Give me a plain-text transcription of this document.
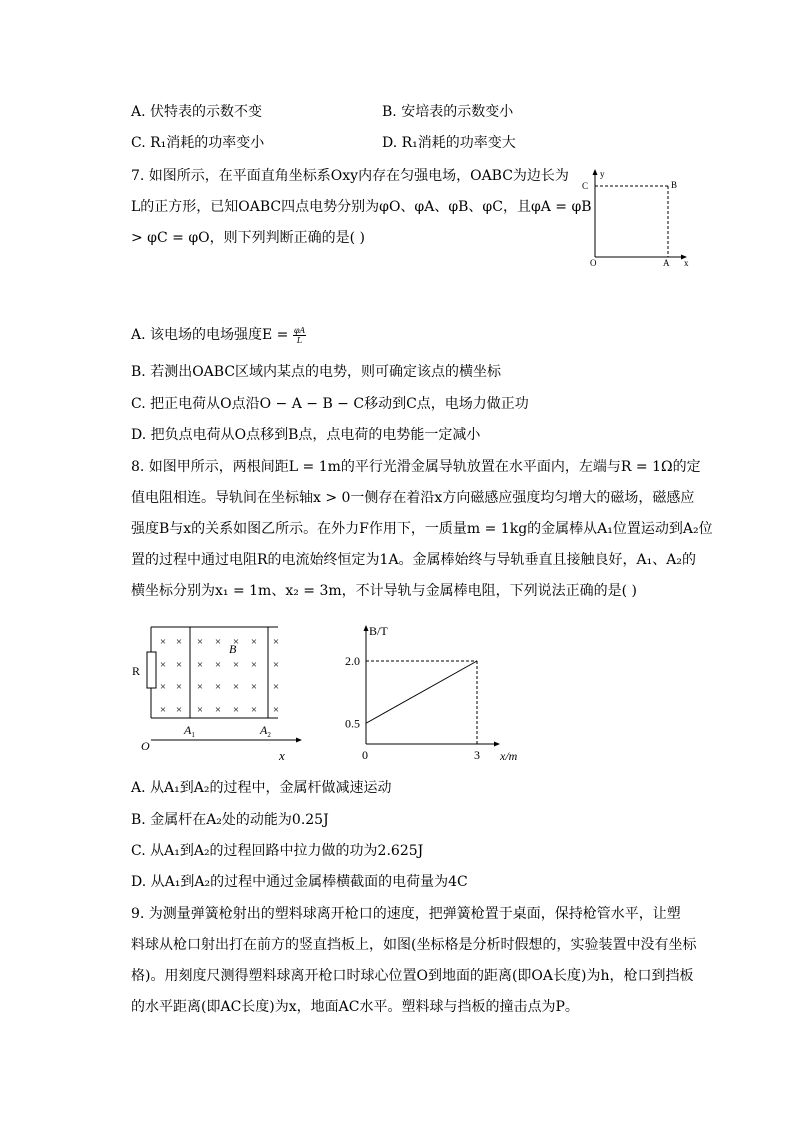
A. 伏特表的示数不变	B. 安培表的示数变小
C. R₁消耗的功率变小	D. R₁消耗的功率变大
7. 如图所示，在平面直角坐标系Oxy内存在匀强电场，OABC为边长为
L的正方形，已知OABC四点电势分别为φO、φA、φB、φC，且φA = φB
> φC = φO，则下列判断正确的是( )
y
C	B
O	A x
A. 该电场的电场强度$E = \frac{\varphi A}{L}$
B. 若测出OABC区域内某点的电势，则可确定该点的横坐标
C. 把正电荷从O点沿O − A − B − C移动到C点，电场力做正功
D. 把负点电荷从O点移到B点，点电荷的电势能一定减小
8. 如图甲所示，两根间距L = 1m的平行光滑金属导轨放置在水平面内，左端与R = 1Ω的定
值电阻相连。导轨间在坐标轴x > 0一侧存在着沿x方向磁感应强度均匀增大的磁场，磁感应
强度B与x的关系如图乙所示。在外力F作用下，一质量m = 1kg的金属棒从A₁位置运动到A₂位
置的过程中通过电阻R的电流始终恒定为1A。金属棒始终与导轨垂直且接触良好，A₁、A₂的
横坐标分别为x₁ = 1m、x₂ = 3m，不计导轨与金属棒电阻，下列说法正确的是( )
R
× × × × × × ×
× × × × × × ×
× × × × × × ×
× × × × × × ×
B
O
$A_1$	$A_2$
x
B/T
x/m
2.0
0.5
0	3
A. 从A₁到A₂的过程中，金属杆做减速运动
B. 金属杆在A₂处的动能为0.25J
C. 从A₁到A₂的过程回路中拉力做的功为2.625J
D. 从A₁到A₂的过程中通过金属棒横截面的电荷量为4C
9. 为测量弹簧枪射出的塑料球离开枪口的速度，把弹簧枪置于桌面，保持枪管水平，让塑
料球从枪口射出打在前方的竖直挡板上，如图(坐标格是分析时假想的，实验装置中没有坐标
格)。用刻度尺测得塑料球离开枪口时球心位置O到地面的距离(即OA长度)为h，枪口到挡板
的水平距离(即AC长度)为x，地面AC水平。塑料球与挡板的撞击点为P。
